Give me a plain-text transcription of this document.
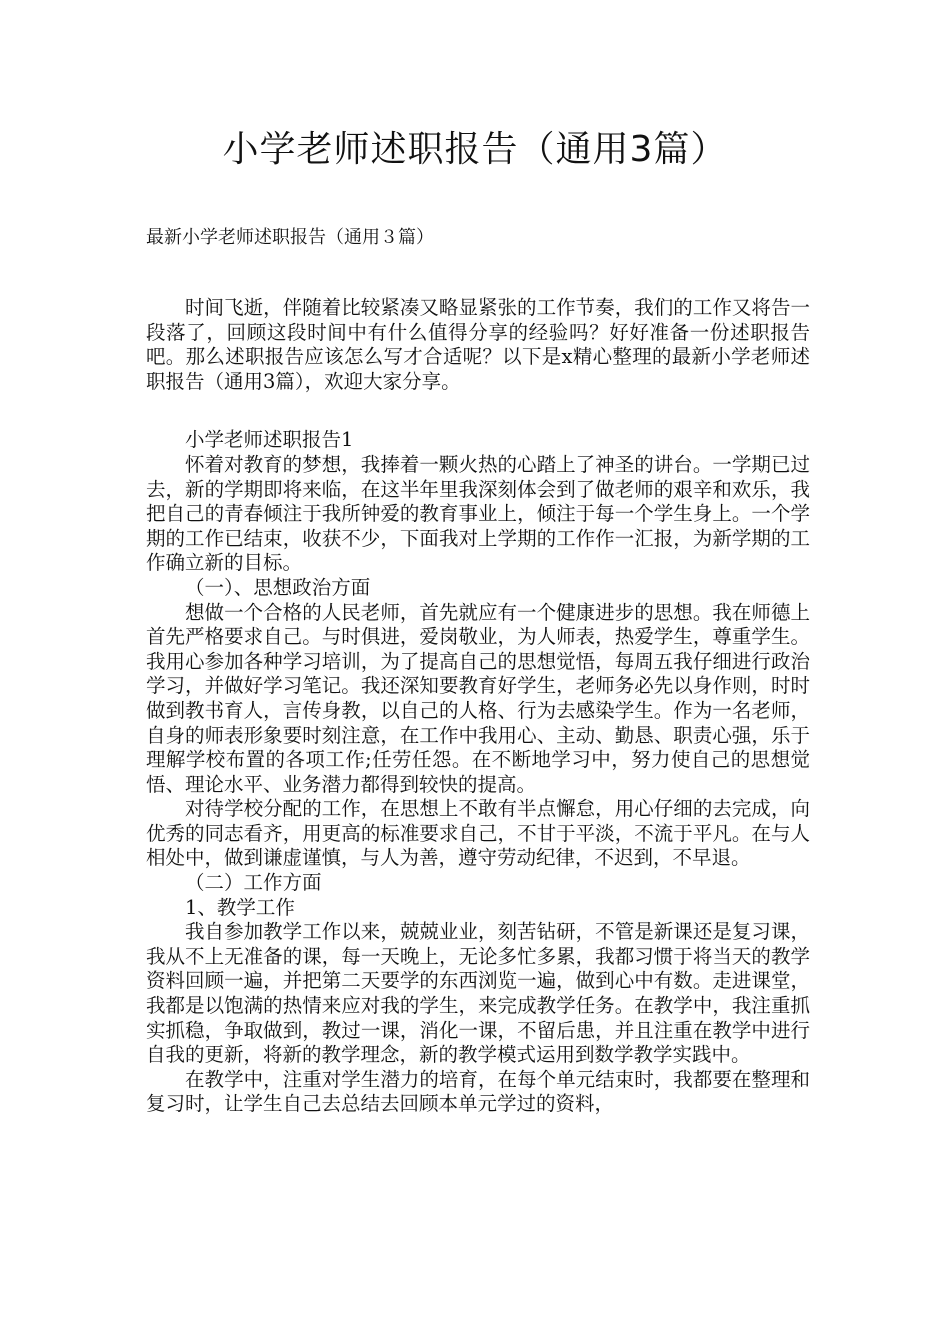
小学老师述职报告（通用3篇）
最新小学老师述职报告（通用３篇）

时间飞逝，伴随着比较紧凑又略显紧张的工作节奏，我们的工作又将告一段落了，回顾这段时间中有什么值得分享的经验吗？好好准备一份述职报告吧。那么述职报告应该怎么写才合适呢？以下是x精心整理的最新小学老师述职报告（通用3篇），欢迎大家分享。

小学老师述职报告1

怀着对教育的梦想，我捧着一颗火热的心踏上了神圣的讲台。一学期已过去，新的学期即将来临，在这半年里我深刻体会到了做老师的艰辛和欢乐，我把自己的青春倾注于我所钟爱的教育事业上，倾注于每一个学生身上。一个学期的工作已结束，收获不少，下面我对上学期的工作作一汇报，为新学期的工作确立新的目标。

（一）、思想政治方面

想做一个合格的人民老师，首先就应有一个健康进步的思想。我在师德上首先严格要求自己。与时俱进，爱岗敬业，为人师表，热爱学生，尊重学生。我用心参加各种学习培训，为了提高自己的思想觉悟，每周五我仔细进行政治学习，并做好学习笔记。我还深知要教育好学生，老师务必先以身作则，时时做到教书育人，言传身教，以自己的人格、行为去感染学生。作为一名老师，自身的师表形象要时刻注意，在工作中我用心、主动、勤恳、职责心强，乐于理解学校布置的各项工作;任劳任怨。在不断地学习中，努力使自己的思想觉悟、理论水平、业务潜力都得到较快的提高。

对待学校分配的工作，在思想上不敢有半点懈怠，用心仔细的去完成，向优秀的同志看齐，用更高的标准要求自己，不甘于平淡，不流于平凡。在与人相处中，做到谦虚谨慎，与人为善，遵守劳动纪律，不迟到，不早退。

（二）工作方面

1、教学工作

我自参加教学工作以来，兢兢业业，刻苦钻研，不管是新课还是复习课，我从不上无准备的课，每一天晚上，无论多忙多累，我都习惯于将当天的教学资料回顾一遍，并把第二天要学的东西浏览一遍，做到心中有数。走进课堂，我都是以饱满的热情来应对我的学生，来完成教学任务。在教学中，我注重抓实抓稳，争取做到，教过一课，消化一课，不留后患，并且注重在教学中进行自我的更新，将新的教学理念，新的教学模式运用到数学教学实践中。

在教学中，注重对学生潜力的培育，在每个单元结束时，我都要在整理和复习时，让学生自己去总结去回顾本单元学过的资料，
